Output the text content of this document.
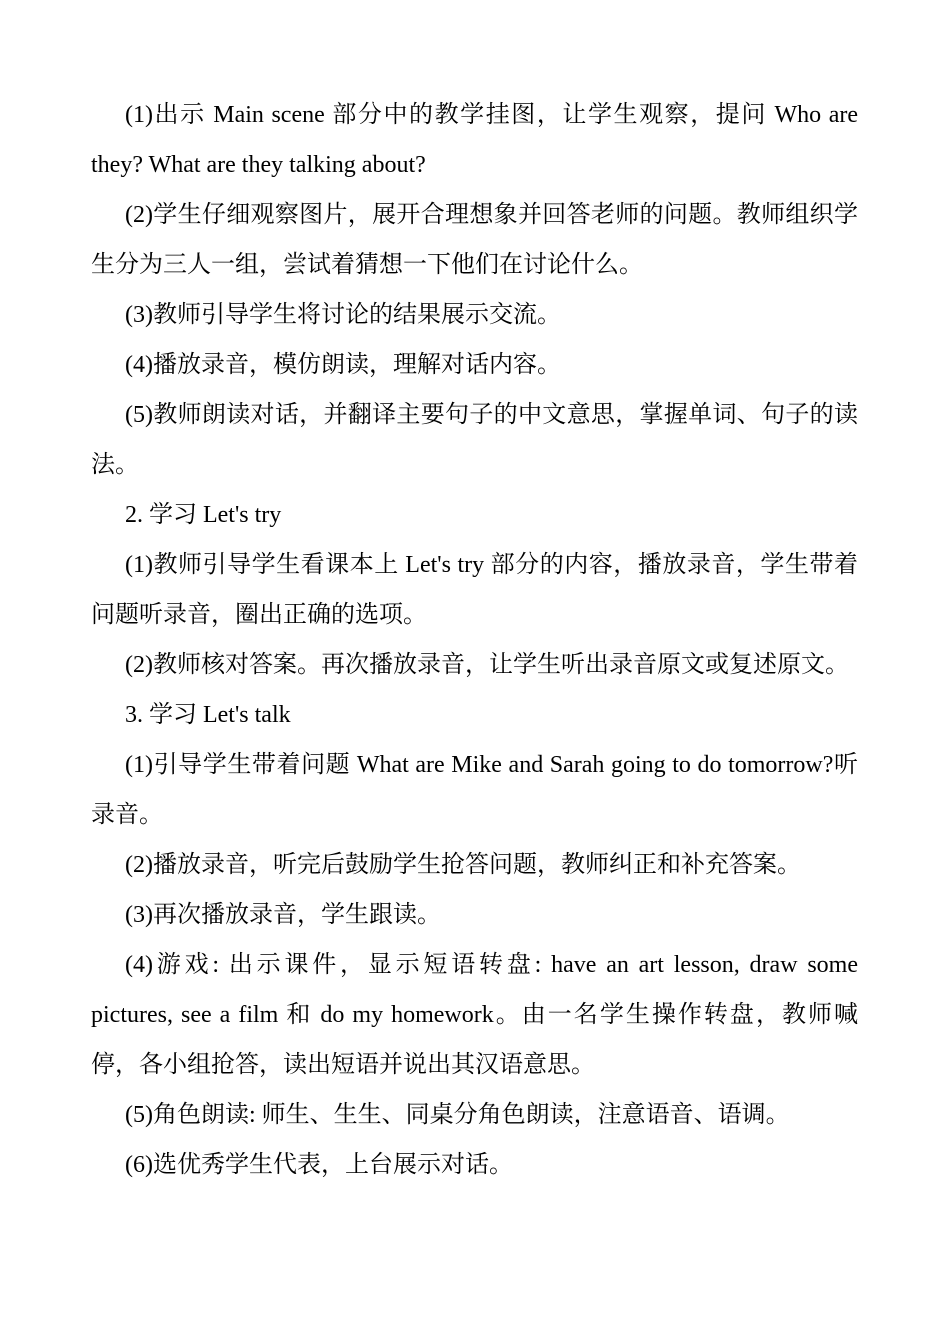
(1)出示 Main scene 部分中的教学挂图，让学生观察，提问 Who are they? What are they talking about?

(2)学生仔细观察图片，展开合理想象并回答老师的问题。教师组织学生分为三人一组，尝试着猜想一下他们在讨论什么。

(3)教师引导学生将讨论的结果展示交流。

(4)播放录音，模仿朗读，理解对话内容。

(5)教师朗读对话，并翻译主要句子的中文意思，掌握单词、句子的读法。

2. 学习 Let's try

(1)教师引导学生看课本上 Let's try 部分的内容，播放录音，学生带着问题听录音，圈出正确的选项。

(2)教师核对答案。再次播放录音，让学生听出录音原文或复述原文。

3. 学习 Let's talk

(1)引导学生带着问题 What are Mike and Sarah going to do tomorrow?听录音。

(2)播放录音，听完后鼓励学生抢答问题，教师纠正和补充答案。

(3)再次播放录音，学生跟读。

(4)游戏: 出示课件，显示短语转盘: have an art lesson, draw some pictures, see a film 和 do my homework。由一名学生操作转盘，教师喊停，各小组抢答，读出短语并说出其汉语意思。

(5)角色朗读: 师生、生生、同桌分角色朗读，注意语音、语调。

(6)选优秀学生代表，上台展示对话。
